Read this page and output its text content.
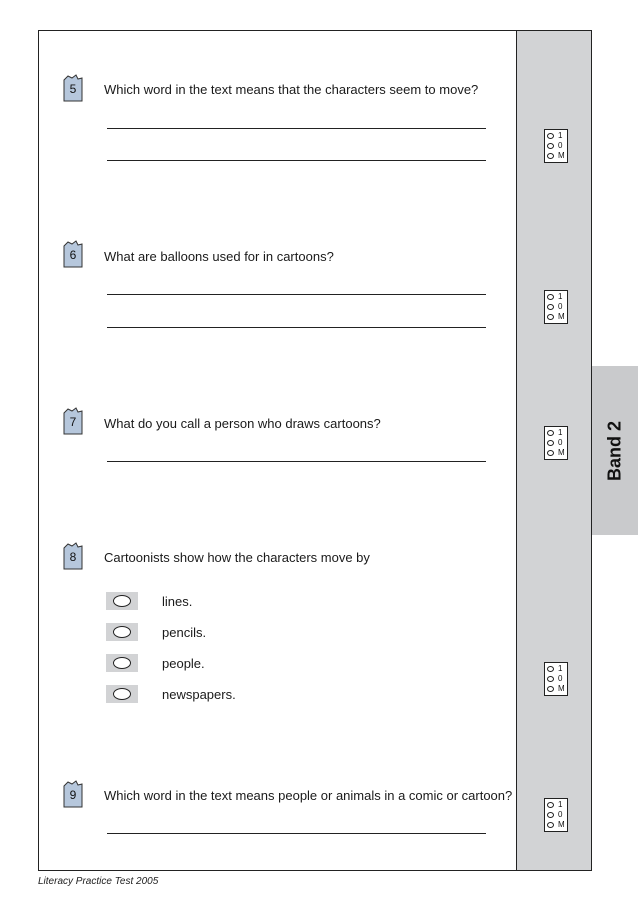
Band 2
5	Which word in the text means that the characters seem to move?
1
0
M
6	What are balloons used for in cartoons?
1
0
M
7	What do you call a person who draws cartoons?
1
0
M
8	Cartoonists show how the characters move by
lines.
pencils.
people.
newspapers.
1
0
M
9	Which word in the text means people or animals in a comic or cartoon?
1
0
M
Literacy Practice Test 2005
